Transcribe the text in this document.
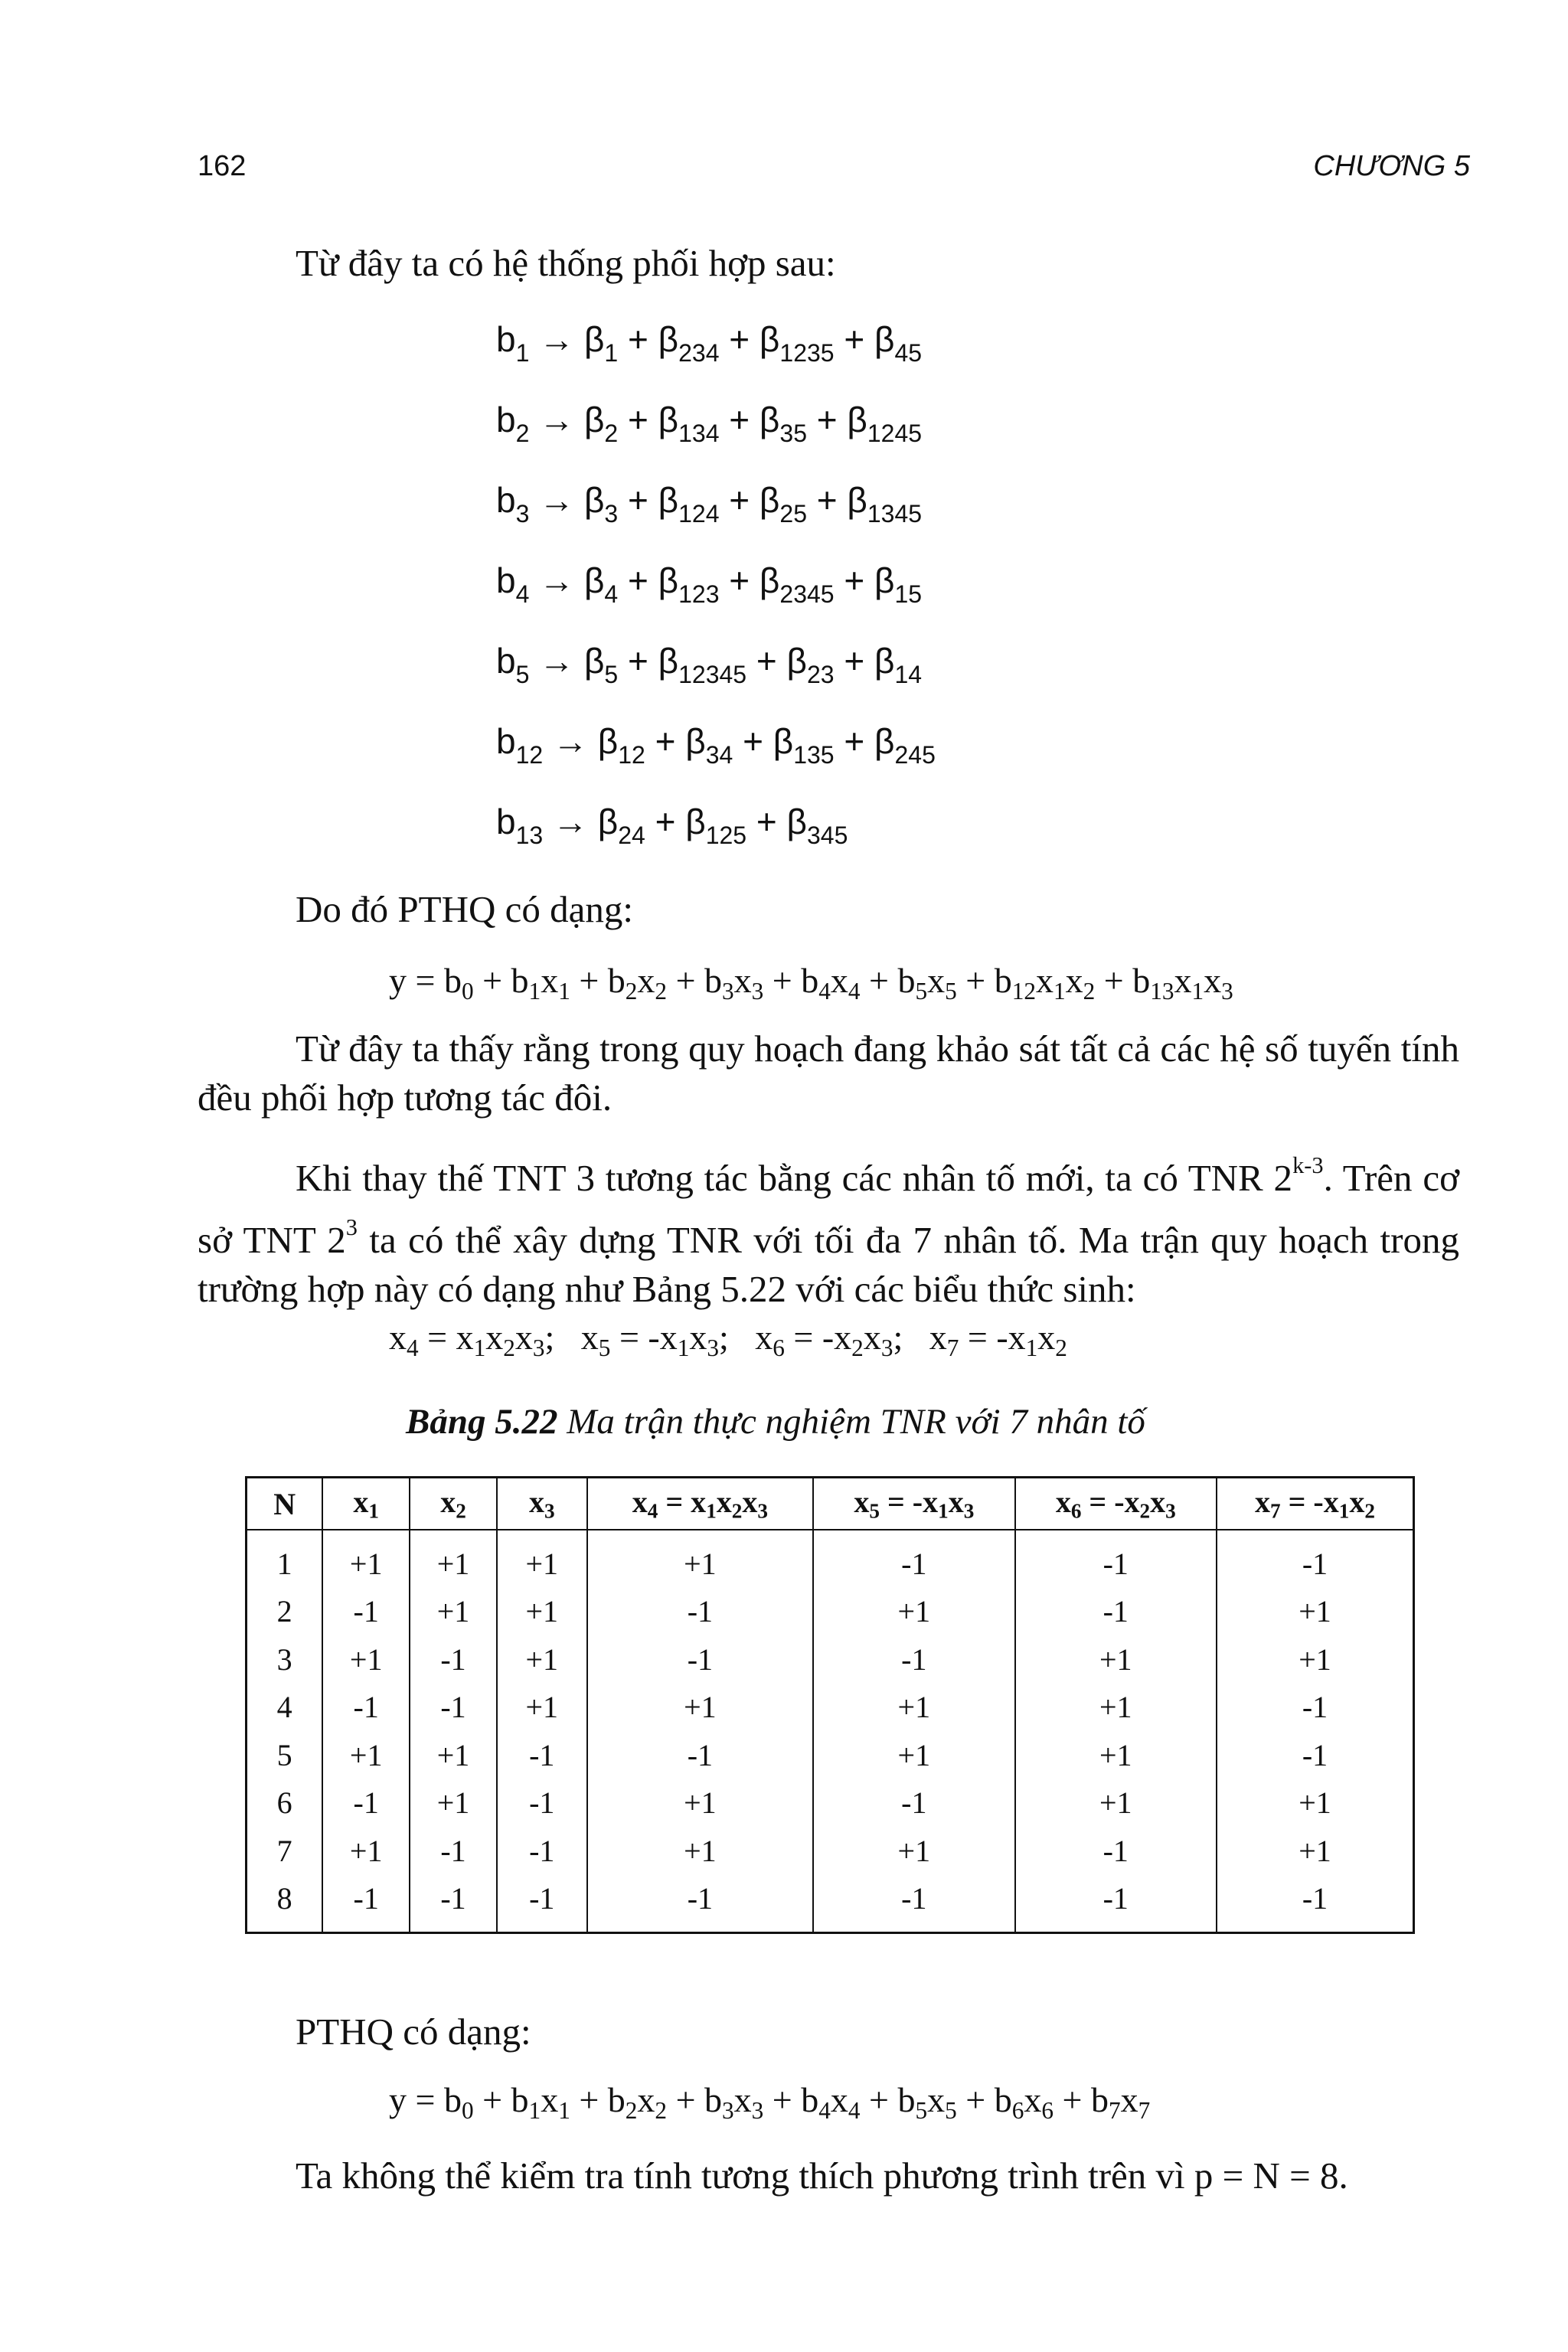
162	CHƯƠNG 5
Từ đây ta có hệ thống phối hợp sau:
$b_1 \to \beta_1 + \beta_{234} + \beta_{1235} + \beta_{45}$
$b_2 \to \beta_2 + \beta_{134} + \beta_{35} + \beta_{1245}$
$b_3 \to \beta_3 + \beta_{124} + \beta_{25} + \beta_{1345}$
$b_4 \to \beta_4 + \beta_{123} + \beta_{2345} + \beta_{15}$
$b_5 \to \beta_5 + \beta_{12345} + \beta_{23} + \beta_{14}$
$b_{12} \to \beta_{12} + \beta_{34} + \beta_{135} + \beta_{245}$
$b_{13} \to \beta_{24} + \beta_{125} + \beta_{345}$
Do đó PTHQ có dạng:
$y = b_0 + b_1x_1 + b_2x_2 + b_3x_3 + b_4x_4 + b_5x_5 + b_{12}x_1x_2 + b_{13}x_1x_3$
Từ đây ta thấy rằng trong quy hoạch đang khảo sát tất cả các hệ số tuyến tính đều phối hợp tương tác đôi.
Khi thay thế TNT 3 tương tác bằng các nhân tố mới, ta có TNR 2$^{k-3}$. Trên cơ sở TNT $2^3$ ta có thể xây dựng TNR với tối đa 7 nhân tố. Ma trận quy hoạch trong trường hợp này có dạng như Bảng 5.22 với các biểu thức sinh:
$x_4 = x_1x_2x_3$;   $x_5 = -x_1x_3$;   $x_6 = -x_2x_3$;   $x_7 = -x_1x_2$
Bảng 5.22 Ma trận thực nghiệm TNR với 7 nhân tố
N	$x_1$	$x_2$	$x_3$	$x_4 = x_1x_2x_3$	$x_5 = -x_1x_3$	$x_6 = -x_2x_3$	$x_7 = -x_1x_2$
1	+1	+1	+1	+1	-1	-1	-1
2	-1	+1	+1	-1	+1	-1	+1
3	+1	-1	+1	-1	-1	+1	+1
4	-1	-1	+1	+1	+1	+1	-1
5	+1	+1	-1	-1	+1	+1	-1
6	-1	+1	-1	+1	-1	+1	+1
7	+1	-1	-1	+1	+1	-1	+1
8	-1	-1	-1	-1	-1	-1	-1
PTHQ có dạng:
$y = b_0 + b_1x_1 + b_2x_2 + b_3x_3 + b_4x_4 + b_5x_5 + b_6x_6 + b_7x_7$
Ta không thể kiểm tra tính tương thích phương trình trên vì p = N = 8.
